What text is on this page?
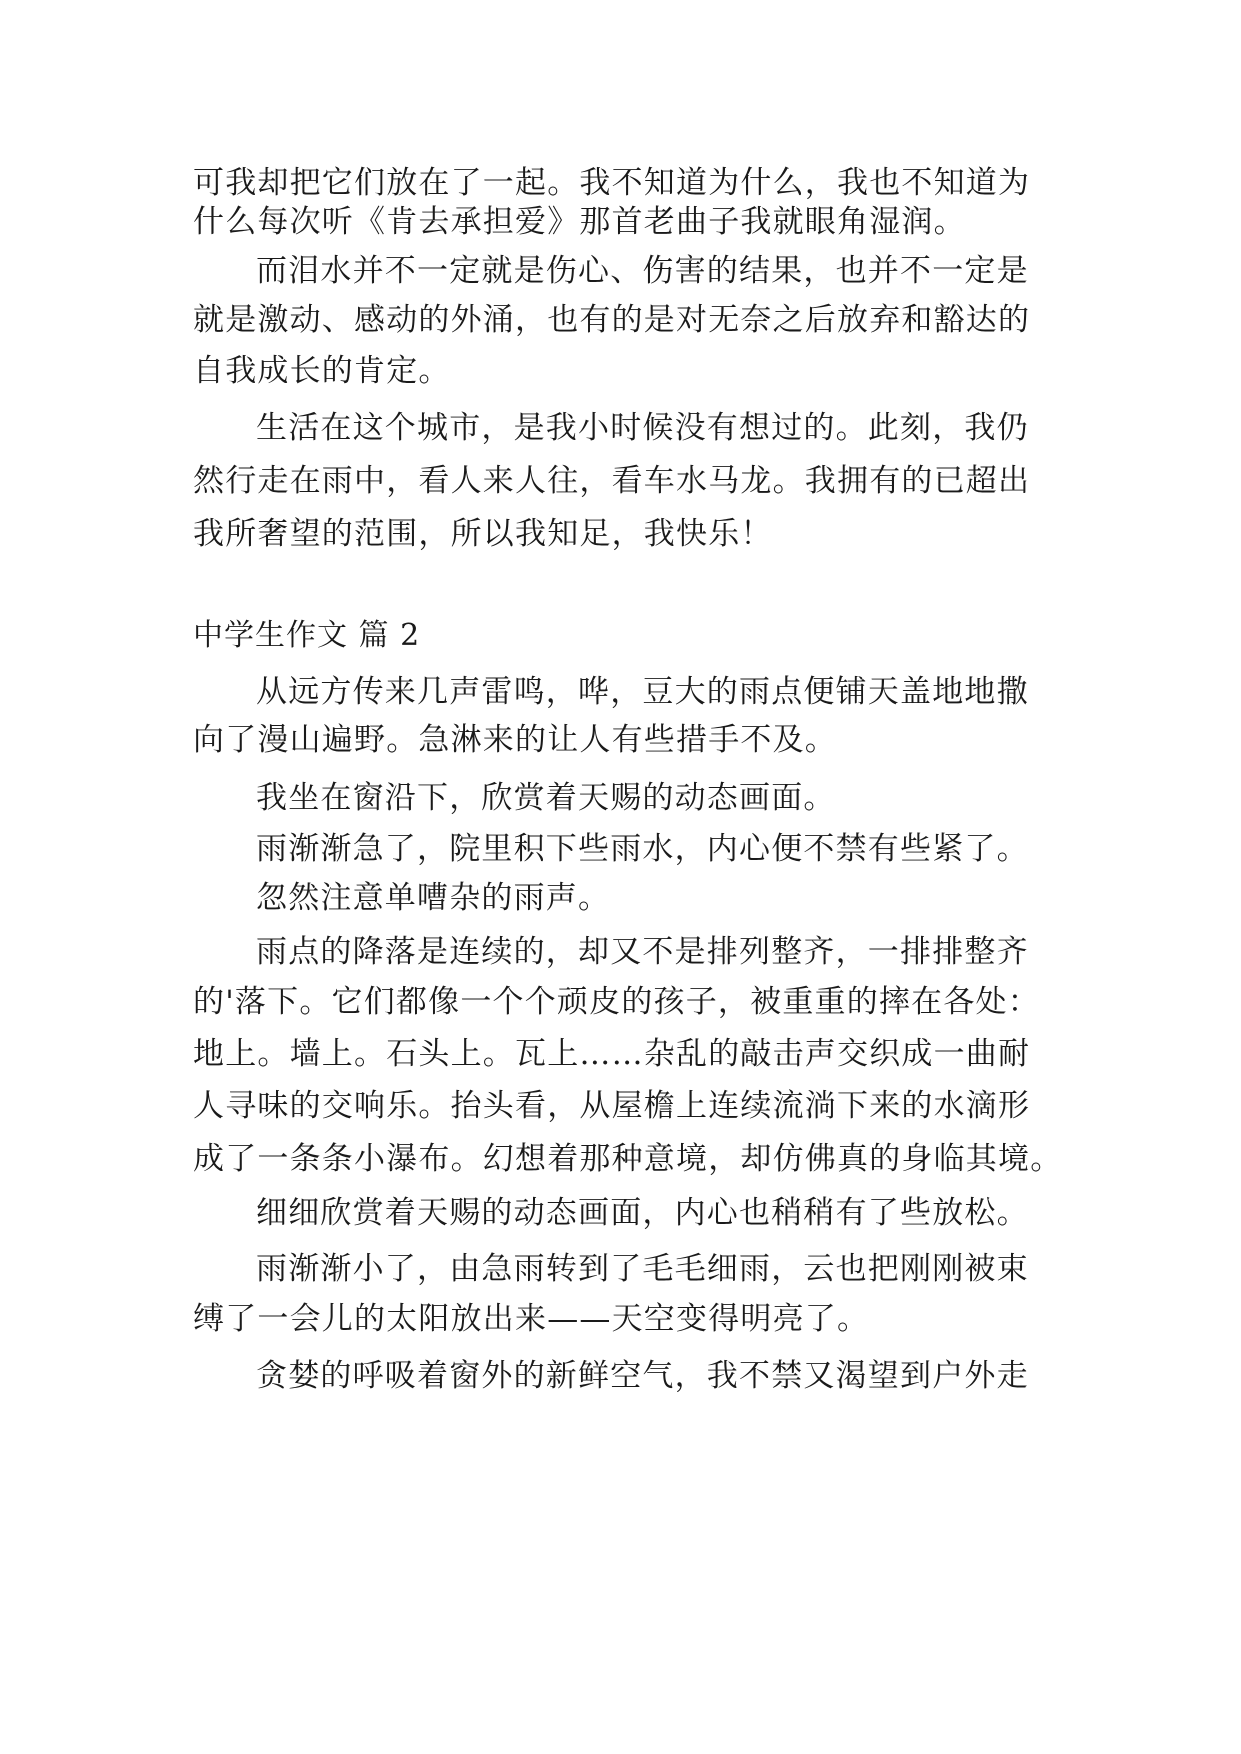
可我却把它们放在了一起。我不知道为什么，我也不知道为
什么每次听《肯去承担爱》那首老曲子我就眼角湿润。
而泪水并不一定就是伤心、伤害的结果，也并不一定是
就是激动、感动的外涌，也有的是对无奈之后放弃和豁达的
自我成长的肯定。
生活在这个城市，是我小时候没有想过的。此刻，我仍
然行走在雨中，看人来人往，看车水马龙。我拥有的已超出
我所奢望的范围，所以我知足，我快乐！
中学生作文 篇 2
从远方传来几声雷鸣，哗，豆大的雨点便铺天盖地地撒
向了漫山遍野。急淋来的让人有些措手不及。
我坐在窗沿下，欣赏着天赐的动态画面。
雨渐渐急了，院里积下些雨水，内心便不禁有些紧了。
忽然注意单嘈杂的雨声。
雨点的降落是连续的，却又不是排列整齐，一排排整齐
的'落下。它们都像一个个顽皮的孩子，被重重的摔在各处：
地上。墙上。石头上。瓦上……杂乱的敲击声交织成一曲耐
人寻味的交响乐。抬头看，从屋檐上连续流淌下来的水滴形
成了一条条小瀑布。幻想着那种意境，却仿佛真的身临其境。
细细欣赏着天赐的动态画面，内心也稍稍有了些放松。
雨渐渐小了，由急雨转到了毛毛细雨，云也把刚刚被束
缚了一会儿的太阳放出来——天空变得明亮了。
贪婪的呼吸着窗外的新鲜空气，我不禁又渴望到户外走
